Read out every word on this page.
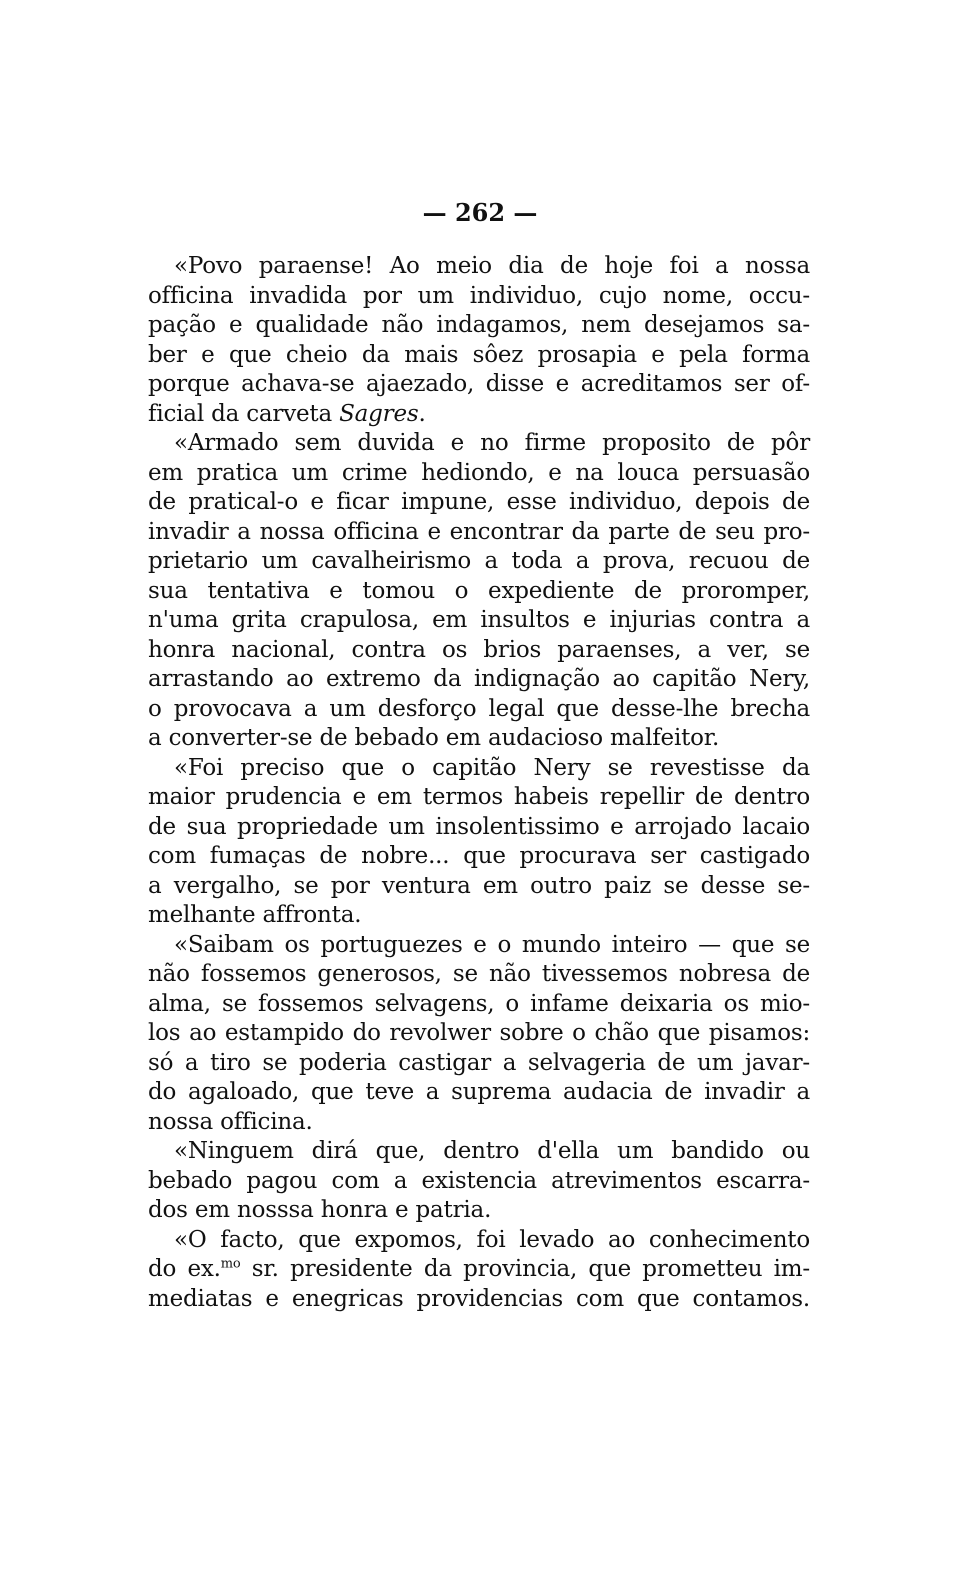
— 262 —
«Povo paraense! Ao meio dia de hoje foi a nossa
officina invadida por um individuo, cujo nome, occu-
pação e qualidade não indagamos, nem desejamos sa-
ber e que cheio da mais sôez prosapia e pela forma
porque achava-se ajaezado, disse e acreditamos ser of-
ficial da carveta Sagres.
«Armado sem duvida e no firme proposito de pôr
em pratica um crime hediondo, e na louca persuasão
de pratical-o e ficar impune, esse individuo, depois de
invadir a nossa officina e encontrar da parte de seu pro-
prietario um cavalheirismo a toda a prova, recuou de
sua tentativa e tomou o expediente de proromper,
n'uma grita crapulosa, em insultos e injurias contra a
honra nacional, contra os brios paraenses, a ver, se
arrastando ao extremo da indignação ao capitão Nery,
o provocava a um desforço legal que desse-lhe brecha
a converter-se de bebado em audacioso malfeitor.
«Foi preciso que o capitão Nery se revestisse da
maior prudencia e em termos habeis repellir de dentro
de sua propriedade um insolentissimo e arrojado lacaio
com fumaças de nobre... que procurava ser castigado
a vergalho, se por ventura em outro paiz se desse se-
melhante affronta.
«Saibam os portuguezes e o mundo inteiro — que se
não fossemos generosos, se não tivessemos nobresa de
alma, se fossemos selvagens, o infame deixaria os mio-
los ao estampido do revolwer sobre o chão que pisamos:
só a tiro se poderia castigar a selvageria de um javar-
do agaloado, que teve a suprema audacia de invadir a
nossa officina.
«Ninguem dirá que, dentro d'ella um bandido ou
bebado pagou com a existencia atrevimentos escarra-
dos em nosssa honra e patria.
«O facto, que expomos, foi levado ao conhecimento
do ex.$^{mo}$ sr. presidente da provincia, que prometteu im-
mediatas e enegricas providencias com que contamos.
